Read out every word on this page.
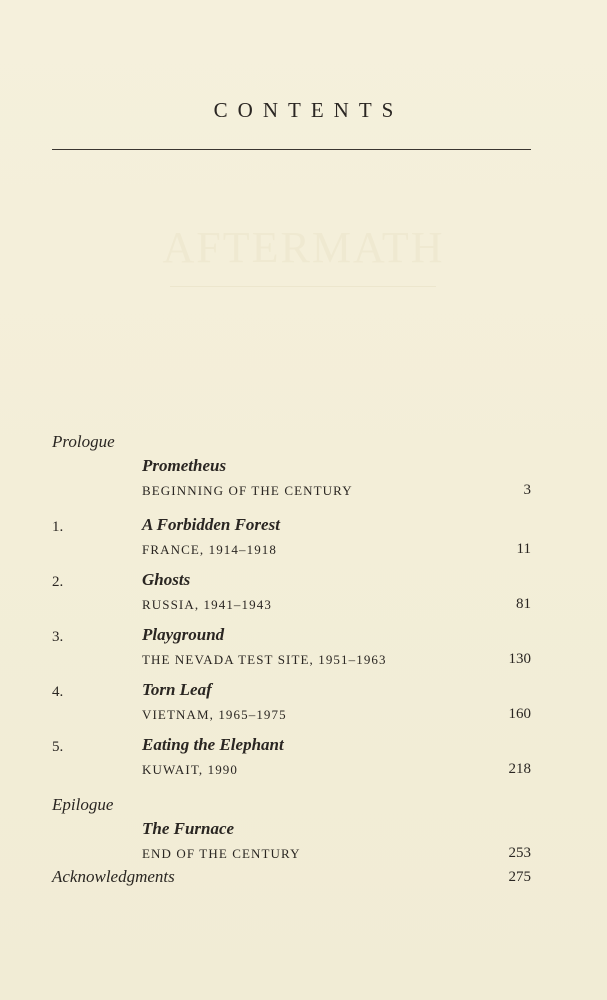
CONTENTS
AFTERMATH
Prologue
Prometheus
BEGINNING OF THE CENTURY	3
1.	A Forbidden Forest
FRANCE, 1914–1918	11
2.	Ghosts
RUSSIA, 1941–1943	81
3.	Playground
THE NEVADA TEST SITE, 1951–1963	130
4.	Torn Leaf
VIETNAM, 1965–1975	160
5.	Eating the Elephant
KUWAIT, 1990	218
Epilogue
The Furnace
END OF THE CENTURY	253
Acknowledgments	275
